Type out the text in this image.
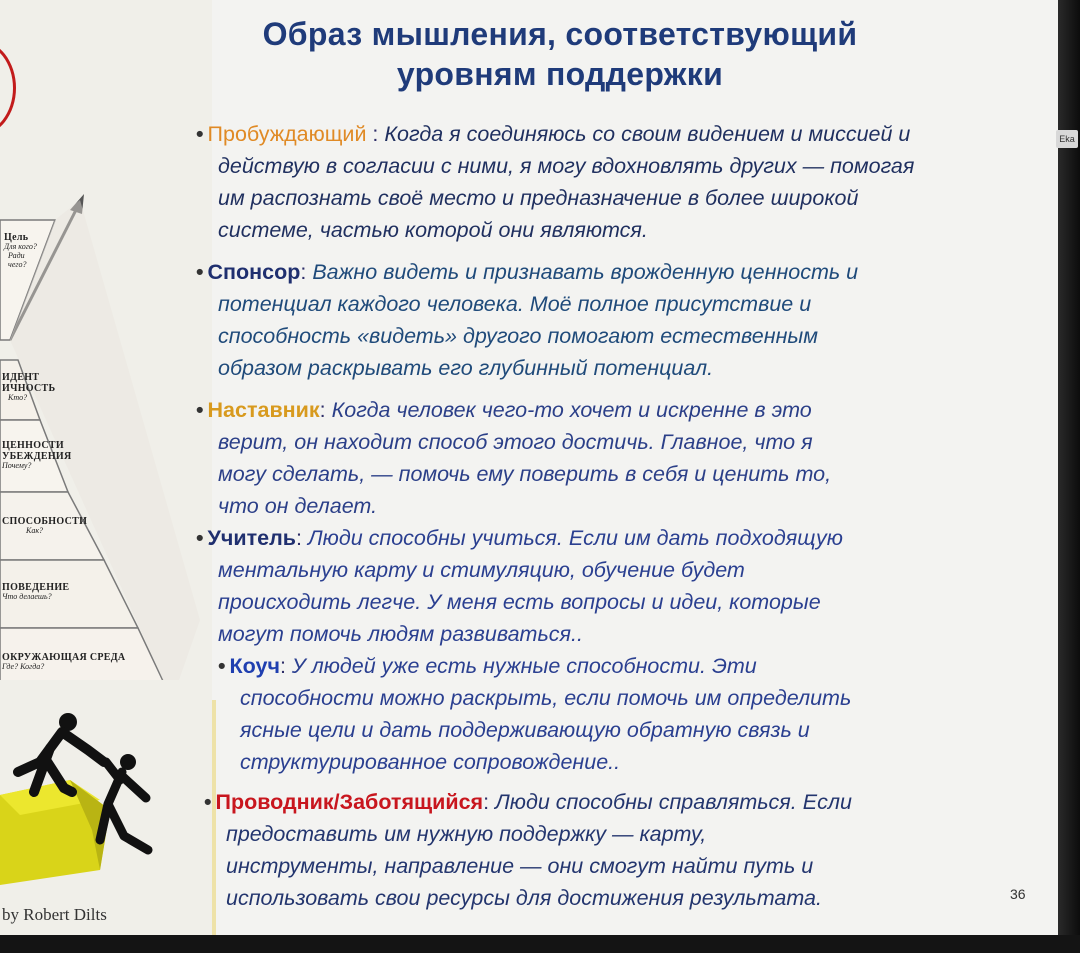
Цель
Для кого?
Ради
чего?
ИДЕНТ
ИЧНОСТЬ
Кто?
ЦЕННОСТИ
УБЕЖДЕНИЯ
Почему?
СПОСОБНОСТИ
Как?
ПОВЕДЕНИЕ
Что делаешь?
ОКРУЖАЮЩАЯ СРЕДА
Где? Когда?
by Robert Dilts
Образ мышления, соответствующий
уровням поддержки
• Пробуждающий : Когда я соединяюсь со своим видением и миссией и
действую в согласии с ними, я могу вдохновлять других — помогая
им распознать своё место и предназначение в более широкой
системе, частью которой они являются.
• Спонсор: Важно видеть и признавать врожденную ценность и
потенциал каждого человека. Моё полное присутствие и
способность «видеть» другого помогают естественным
образом раскрывать его глубинный потенциал.
• Наставник: Когда человек чего-то хочет и искренне в это
верит, он находит способ этого достичь. Главное, что я
могу сделать, — помочь ему поверить в себя и ценить то,
что он делает.
• Учитель: Люди способны учиться. Если им дать подходящую
ментальную карту и стимуляцию, обучение будет
происходить легче. У меня есть вопросы и идеи, которые
могут помочь людям развиваться..
• Коуч: У людей уже есть нужные способности. Эти
способности можно раскрыть, если помочь им определить
ясные цели и дать поддерживающую обратную связь и
структурированное сопровождение..
• Проводник/Заботящийся: Люди способны справляться. Если
предоставить им нужную поддержку — карту,
инструменты, направление — они смогут найти путь и
использовать свои ресурсы для достижения результата.	36
Eka
